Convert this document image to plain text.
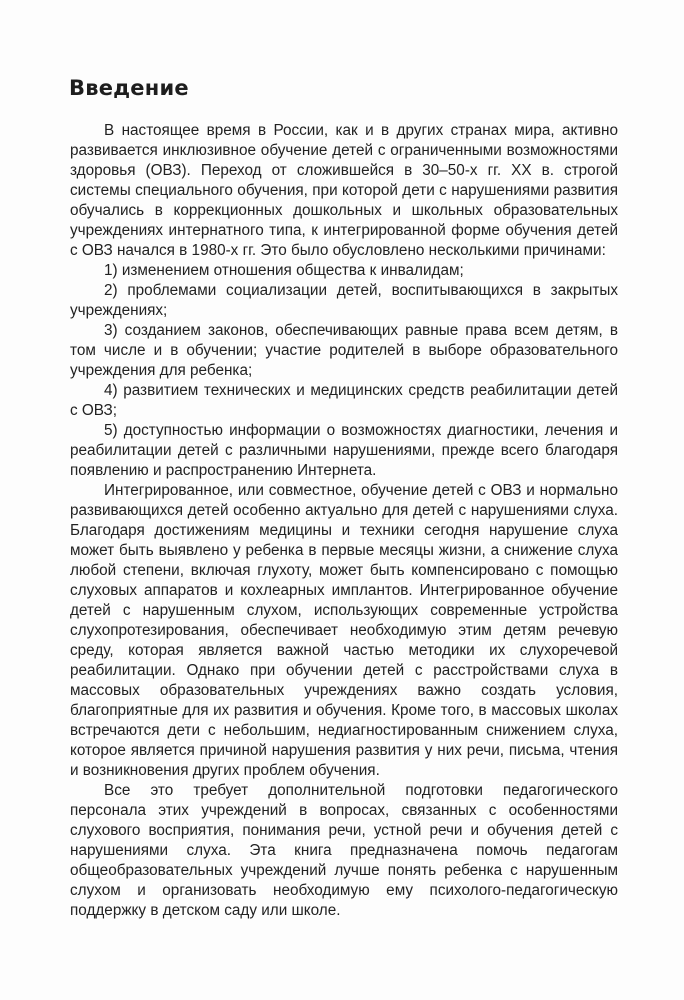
Введение

В настоящее время в России, как и в других странах мира, активно развивается инклюзивное обучение детей с ограниченными возможностями здоровья (ОВЗ). Переход от сложившейся в 30–50-х гг. XX в. строгой системы специального обучения, при которой дети с нарушениями развития обучались в коррекционных дошкольных и школьных образовательных учреждениях интернатного типа, к интегрированной форме обучения детей с ОВЗ начался в 1980-х гг. Это было обусловлено несколькими причинами:

1) изменением отношения общества к инвалидам;

2) проблемами социализации детей, воспитывающихся в закрытых учреждениях;

3) созданием законов, обеспечивающих равные права всем детям, в том числе и в обучении; участие родителей в выборе образовательного учреждения для ребенка;

4) развитием технических и медицинских средств реабилитации детей с ОВЗ;

5) доступностью информации о возможностях диагностики, лечения и реабилитации детей с различными нарушениями, прежде всего благодаря появлению и распространению Интернета.

Интегрированное, или совместное, обучение детей с ОВЗ и нормально развивающихся детей особенно актуально для детей с нарушениями слуха. Благодаря достижениям медицины и техники сегодня нарушение слуха может быть выявлено у ребенка в первые месяцы жизни, а снижение слуха любой степени, включая глухоту, может быть компенсировано с помощью слуховых аппаратов и кохлеарных имплантов. Интегрированное обучение детей с нарушенным слухом, использующих современные устройства слухопротезирования, обеспечивает необходимую этим детям речевую среду, которая является важной частью методики их слухоречевой реабилитации. Однако при обучении детей с расстройствами слуха в массовых образовательных учреждениях важно создать условия, благоприятные для их развития и обучения. Кроме того, в массовых школах встречаются дети с небольшим, недиагностированным снижением слуха, которое является причиной нарушения развития у них речи, письма, чтения и возникновения других проблем обучения.

Все это требует дополнительной подготовки педагогического персонала этих учреждений в вопросах, связанных с особенностями слухового восприятия, понимания речи, устной речи и обучения детей с нарушениями слуха. Эта книга предназначена помочь педагогам общеобразовательных учреждений лучше понять ребенка с нарушенным слухом и организовать необходимую ему психолого-педагогическую поддержку в детском саду или школе.
